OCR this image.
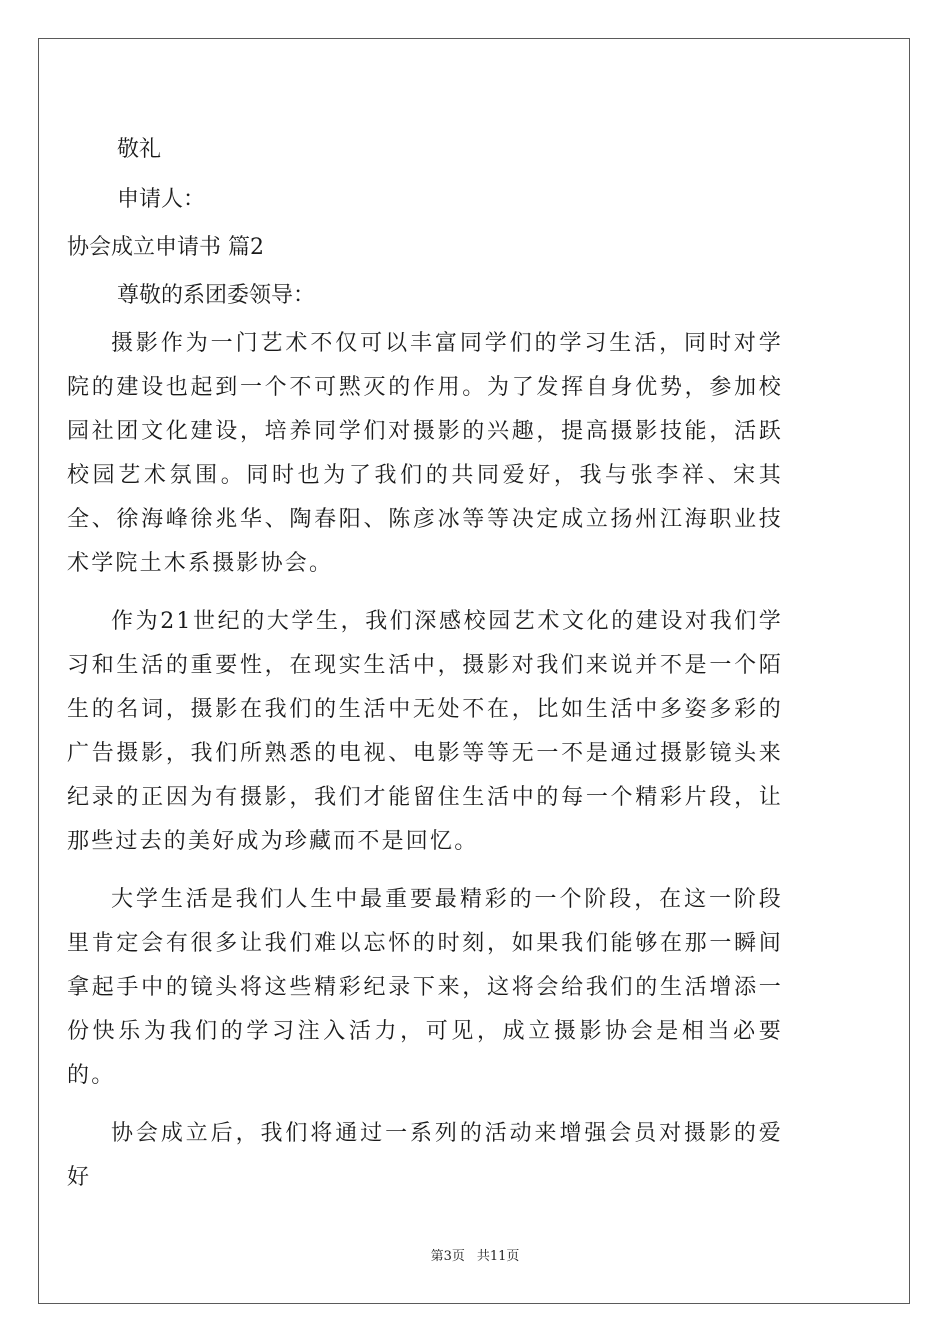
敬礼

申请人：

协会成立申请书 篇2

尊敬的系团委领导：

摄影作为一门艺术不仅可以丰富同学们的学习生活，同时对学院的建设也起到一个不可黙灭的作用。为了发挥自身优势，参加校园社团文化建设，培养同学们对摄影的兴趣，提高摄影技能，活跃校园艺术氛围。同时也为了我们的共同爱好，我与张李祥、宋其全、徐海峰徐兆华、陶春阳、陈彦冰等等决定成立扬州江海职业技术学院土木系摄影协会。

作为21世纪的大学生，我们深感校园艺术文化的建设对我们学习和生活的重要性，在现实生活中，摄影对我们来说并不是一个陌生的名词，摄影在我们的生活中无处不在，比如生活中多姿多彩的广告摄影，我们所熟悉的电视、电影等等无一不是通过摄影镜头来纪录的正因为有摄影，我们才能留住生活中的每一个精彩片段，让那些过去的美好成为珍藏而不是回忆。

大学生活是我们人生中最重要最精彩的一个阶段，在这一阶段里肯定会有很多让我们难以忘怀的时刻，如果我们能够在那一瞬间拿起手中的镜头将这些精彩纪录下来，这将会给我们的生活增添一份快乐为我们的学习注入活力，可见，成立摄影协会是相当必要的。

协会成立后，我们将通过一系列的活动来增强会员对摄影的爱好

第3页 共11页
